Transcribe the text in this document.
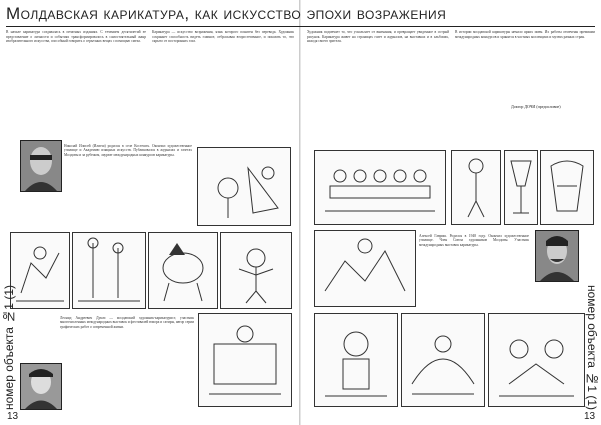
В начале карикатура создавалась в печатных изданиях. С течением десятилетий ее представление о личности и событиях трансформировалось в самостоятельный жанр изобразительного искусства, способный говорить о серьезных вещах с помощью смеха.

Карикатура — искусство возражения, язык которого понятен без перевода. Художник сохраняет способность видеть главное, отбрасывая второстепенное, и показать то, что скрыто от посторонних глаз.

Николай Илисей (Илиеш) родился в селе Костешть. Окончил художественное училище и Академию изящных искусств. Публиковался в журналах и газетах Молдовы и за рубежом, лауреат международных конкурсов карикатуры.

Леонид Андреевич Дукач — молдавский художник-карикатурист, участник многочисленных международных выставок и фестивалей юмора и сатиры, автор серии графических работ о современной жизни.

номер объекта №1 (1)
13

Художник подмечает то, что ускользает от внимания, и превращает увиденное в острый рисунок. Карикатура живет на страницах газет и журналов, на выставках и в альбомах, находя своего зрителя.

В истории молдавской карикатуры немало ярких имен. Их работы отмечены премиями международных конкурсов и хранятся в частных коллекциях и музеях разных стран.

Доктор ДОЧИ (предисловие)

Алексей Гавриш. Родился в 1948 году. Окончил художественное училище. Член Союза художников Молдовы. Участник международных выставок карикатуры.

13
номер объекта №1 (1)
Молдавская карикатура, как искусство эпохи возражения
